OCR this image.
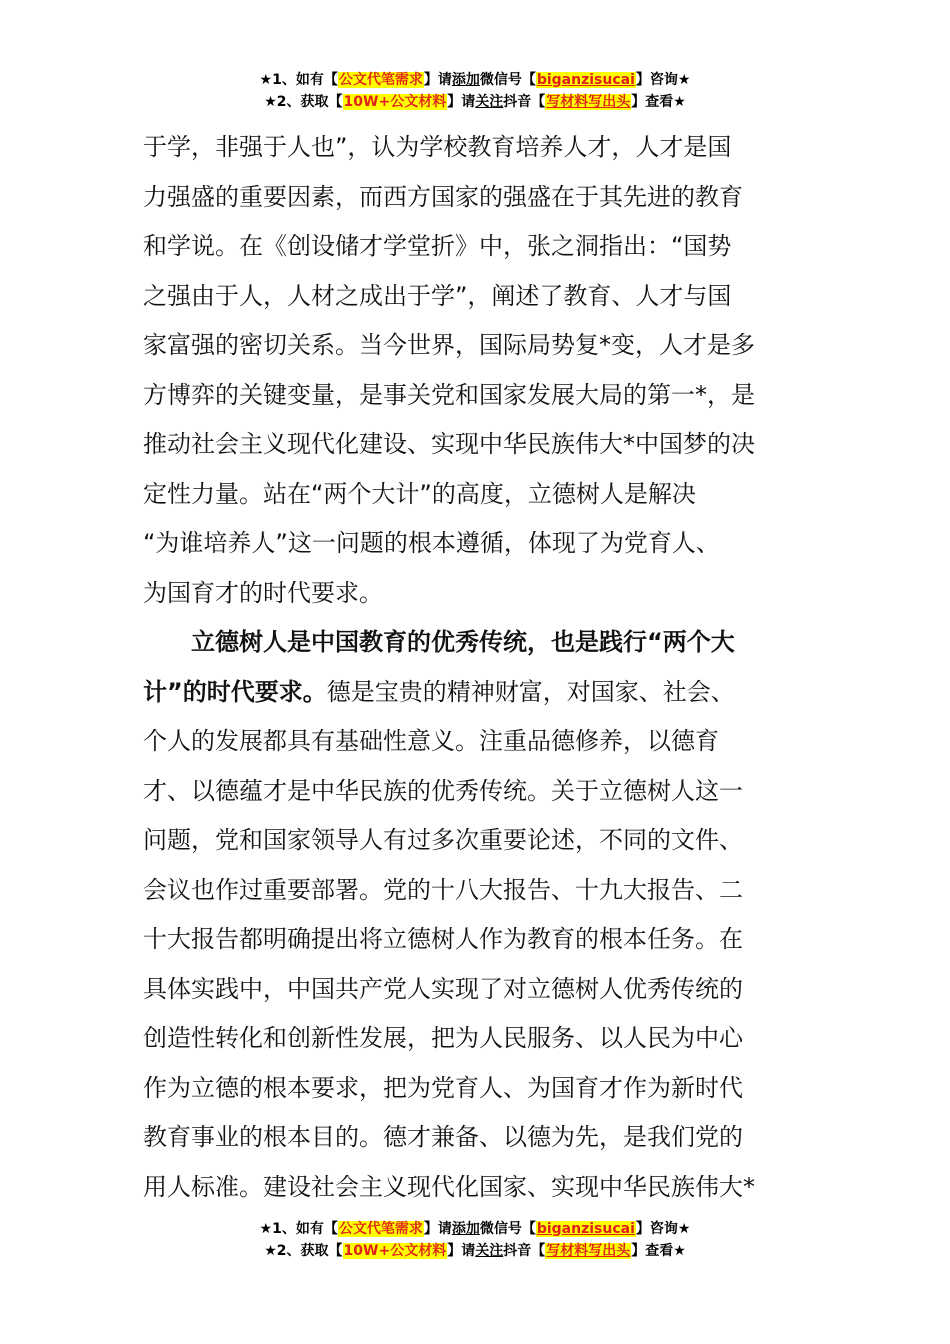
★1、如有【公文代笔需求】请添加微信号【biganzisucai】咨询★
★2、获取【10W+公文材料】请关注抖音【写材料写出头】查看★
于学，非强于人也”，认为学校教育培养人才，人才是国
力强盛的重要因素，而西方国家的强盛在于其先进的教育
和学说。在《创设储才学堂折》中，张之洞指出：“国势
之强由于人，人材之成出于学”，阐述了教育、人才与国
家富强的密切关系。当今世界，国际局势复*变，人才是多
方博弈的关键变量，是事关党和国家发展大局的第一*，是
推动社会主义现代化建设、实现中华民族伟大*中国梦的决
定性力量。站在“两个大计”的高度，立德树人是解决
“为谁培养人”这一问题的根本遵循，体现了为党育人、
为国育才的时代要求。
立德树人是中国教育的优秀传统，也是践行“两个大
计”的时代要求。德是宝贵的精神财富，对国家、社会、
个人的发展都具有基础性意义。注重品德修养，以德育
才、以德蕴才是中华民族的优秀传统。关于立德树人这一
问题，党和国家领导人有过多次重要论述，不同的文件、
会议也作过重要部署。党的十八大报告、十九大报告、二
十大报告都明确提出将立德树人作为教育的根本任务。在
具体实践中，中国共产党人实现了对立德树人优秀传统的
创造性转化和创新性发展，把为人民服务、以人民为中心
作为立德的根本要求，把为党育人、为国育才作为新时代
教育事业的根本目的。德才兼备、以德为先，是我们党的
用人标准。建设社会主义现代化国家、实现中华民族伟大*
★1、如有【公文代笔需求】请添加微信号【biganzisucai】咨询★
★2、获取【10W+公文材料】请关注抖音【写材料写出头】查看★
